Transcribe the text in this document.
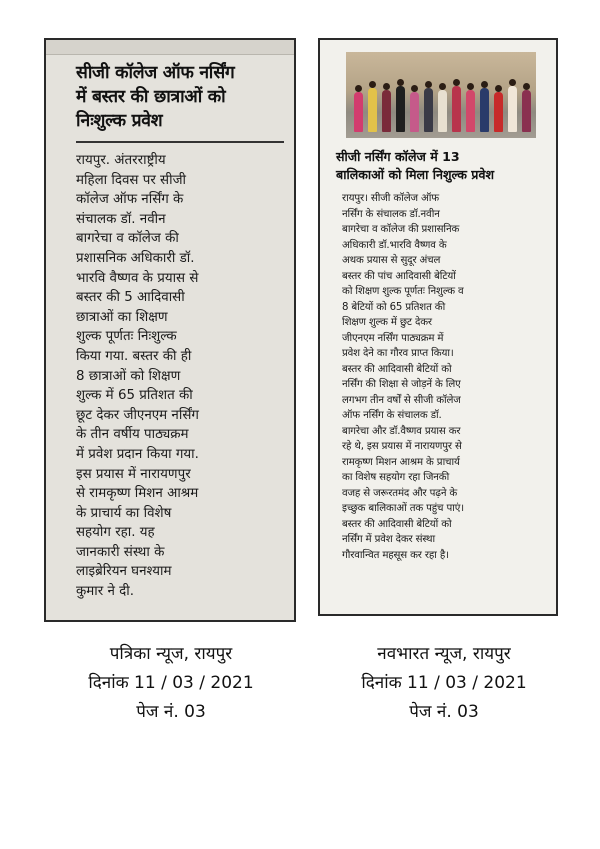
सीजी कॉलेज ऑफ नर्सिंग
में बस्तर की छात्राओं को
निःशुल्क प्रवेश
रायपुर. अंतरराष्ट्रीय
महिला दिवस पर सीजी
कॉलेज ऑफ नर्सिंग के
संचालक डॉ. नवीन
बागरेचा व कॉलेज की
प्रशासनिक अधिकारी डॉ.
भारवि वैष्णव के प्रयास से
बस्तर की 5 आदिवासी
छात्राओं का शिक्षण
शुल्क पूर्णतः निःशुल्क
किया गया. बस्तर की ही
8 छात्राओं को शिक्षण
शुल्क में 65 प्रतिशत की
छूट देकर जीएनएम नर्सिंग
के तीन वर्षीय पाठ्यक्रम
में प्रवेश प्रदान किया गया.
इस प्रयास में नारायणपुर
से रामकृष्ण मिशन आश्रम
के प्राचार्य का विशेष
सहयोग रहा. यह
जानकारी संस्था के
लाइब्रेरियन घनश्याम
कुमार ने दी.
सीजी नर्सिंग कॉलेज में 13
बालिकाओं को मिला निशुल्क प्रवेश
रायपुर। सीजी कॉलेज ऑफ
नर्सिंग के संचालक डॉ.नवीन
बागरेचा व कॉलेज की प्रशासनिक
अधिकारी डॉ.भारवि वैष्णव के
अथक प्रयास से सुदूर अंचल
बस्तर की पांच आदिवासी बेटियों
को शिक्षण शुल्क पूर्णतः निशुल्क व
8 बेटियों को 65 प्रतिशत की
शिक्षण शुल्क में छुट देकर
जीएनएम नर्सिंग पाठ्यक्रम में
प्रवेश देने का गौरव प्राप्त किया।
बस्तर की आदिवासी बेटियों को
नर्सिंग की शिक्षा से जोड़नें के लिए
लगभग तीन वर्षों से सीजी कॉलेज
ऑफ नर्सिंग के संचालक डॉ.
बागरेचा और डॉ.वैष्णव प्रयास कर
रहे थे, इस प्रयास में नारायणपुर से
रामकृष्ण मिशन आश्रम के प्राचार्य
का विशेष सहयोग रहा जिनकी
वजह से जरूरतमंद और पढ़ने के
इच्छुक बालिकाओं तक पहुंच पाएं।
बस्तर की आदिवासी बेटियों को
नर्सिंग में प्रवेश देकर संस्था
गौरवान्वित महसूस कर रहा है।
पत्रिका न्यूज, रायपुर
दिनांक 11 / 03 / 2021
पेज नं. 03
नवभारत न्यूज, रायपुर
दिनांक 11 / 03 / 2021
पेज नं. 03
